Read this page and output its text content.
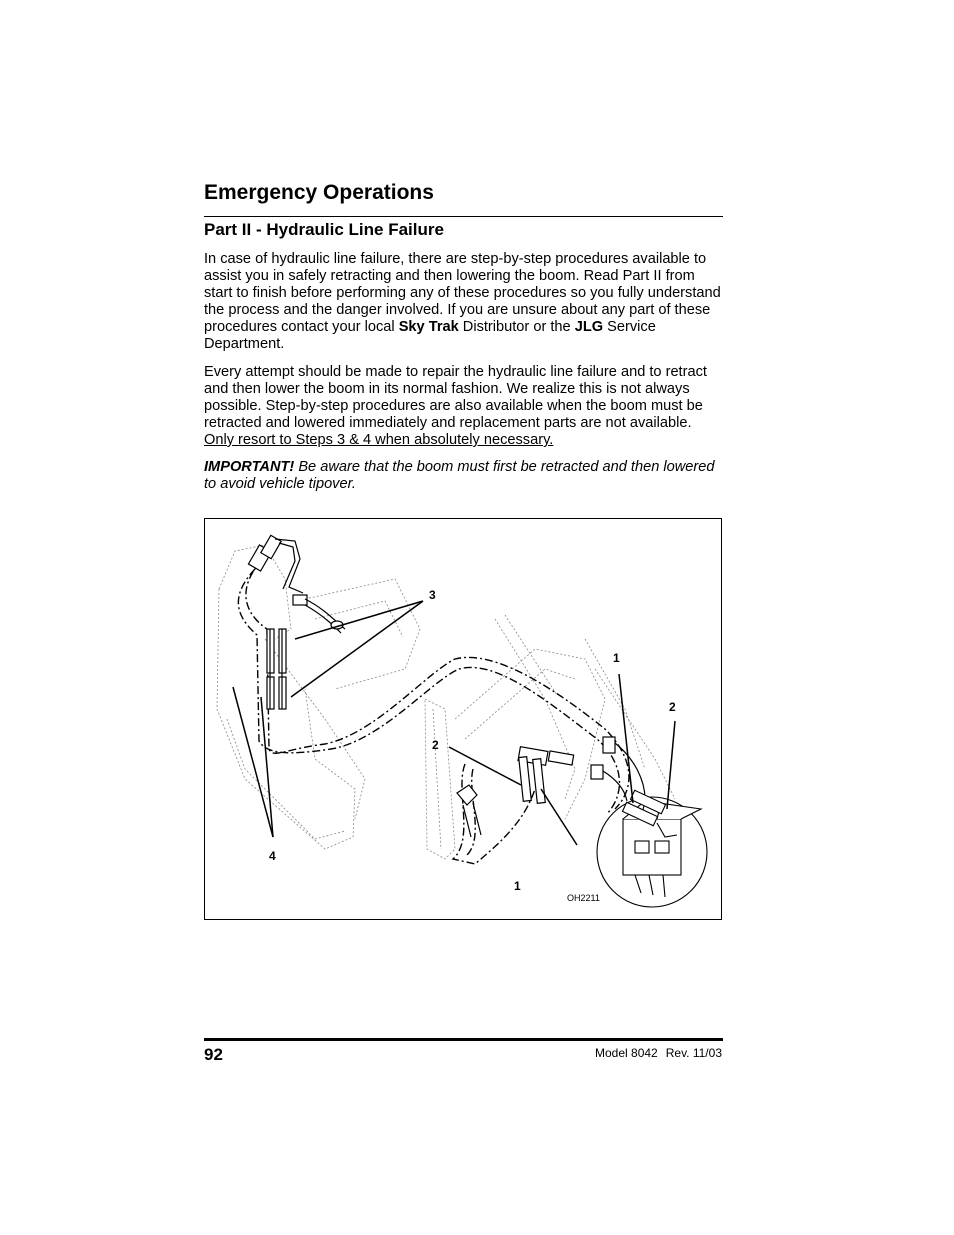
Emergency Operations
Part II - Hydraulic Line Failure

In case of hydraulic line failure, there are step-by-step procedures available to assist you in safely retracting and then lowering the boom. Read Part II from start to finish before performing any of these procedures so you fully understand the process and the danger involved. If you are unsure about any part of these procedures contact your local Sky Trak Distributor or the JLG Service Department.

Every attempt should be made to repair the hydraulic line failure and to retract and then lower the boom in its normal fashion. We realize this is not always possible. Step-by-step procedures are also available when the boom must be retracted and lowered immediately and replacement parts are not available. Only resort to Steps 3 & 4 when absolutely necessary.

IMPORTANT! Be aware that the boom must first be retracted and then lowered to avoid vehicle tipover.

3
1
2
2
4
1
OH2211
92	Model 8042 Rev. 11/03
